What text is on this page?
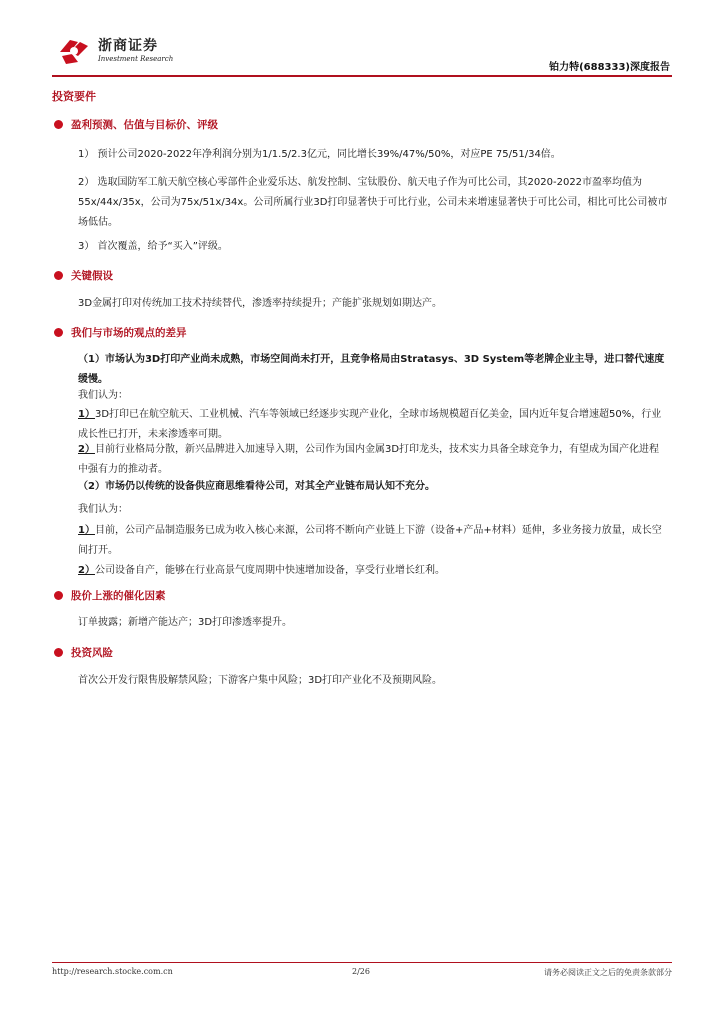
浙商证券
Investment Research
铂力特(688333)深度报告
投资要件
盈利预测、估值与目标价、评级
1） 预计公司2020-2022年净利润分别为1/1.5/2.3亿元，同比增长39%/47%/50%，对应PE 75/51/34倍。
2） 选取国防军工航天航空核心零部件企业爱乐达、航发控制、宝钛股份、航天电子作为可比公司，其2020-2022市盈率均值为55x/44x/35x，公司为75x/51x/34x。公司所属行业3D打印显著快于可比行业，公司未来增速显著快于可比公司，相比可比公司被市场低估。
3） 首次覆盖，给予“买入”评级。
关键假设
3D金属打印对传统加工技术持续替代，渗透率持续提升；产能扩张规划如期达产。
我们与市场的观点的差异
（1）市场认为3D打印产业尚未成熟，市场空间尚未打开，且竞争格局由Stratasys、3D System等老牌企业主导，进口替代速度缓慢。
我们认为：
1）3D打印已在航空航天、工业机械、汽车等领域已经逐步实现产业化，全球市场规模超百亿美金，国内近年复合增速超50%，行业成长性已打开，未来渗透率可期。
2）目前行业格局分散，新兴品牌进入加速导入期，公司作为国内金属3D打印龙头，技术实力具备全球竞争力，有望成为国产化进程中强有力的推动者。
（2）市场仍以传统的设备供应商思维看待公司，对其全产业链布局认知不充分。
我们认为：
1）目前，公司产品制造服务已成为收入核心来源，公司将不断向产业链上下游（设备+产品+材料）延伸，多业务接力放量，成长空间打开。
2）公司设备自产，能够在行业高景气度周期中快速增加设备，享受行业增长红利。
股价上涨的催化因素
订单披露；新增产能达产；3D打印渗透率提升。
投资风险
首次公开发行限售股解禁风险；下游客户集中风险；3D打印产业化不及预期风险。
http://research.stocke.com.cn	2/26	请务必阅读正文之后的免责条款部分
